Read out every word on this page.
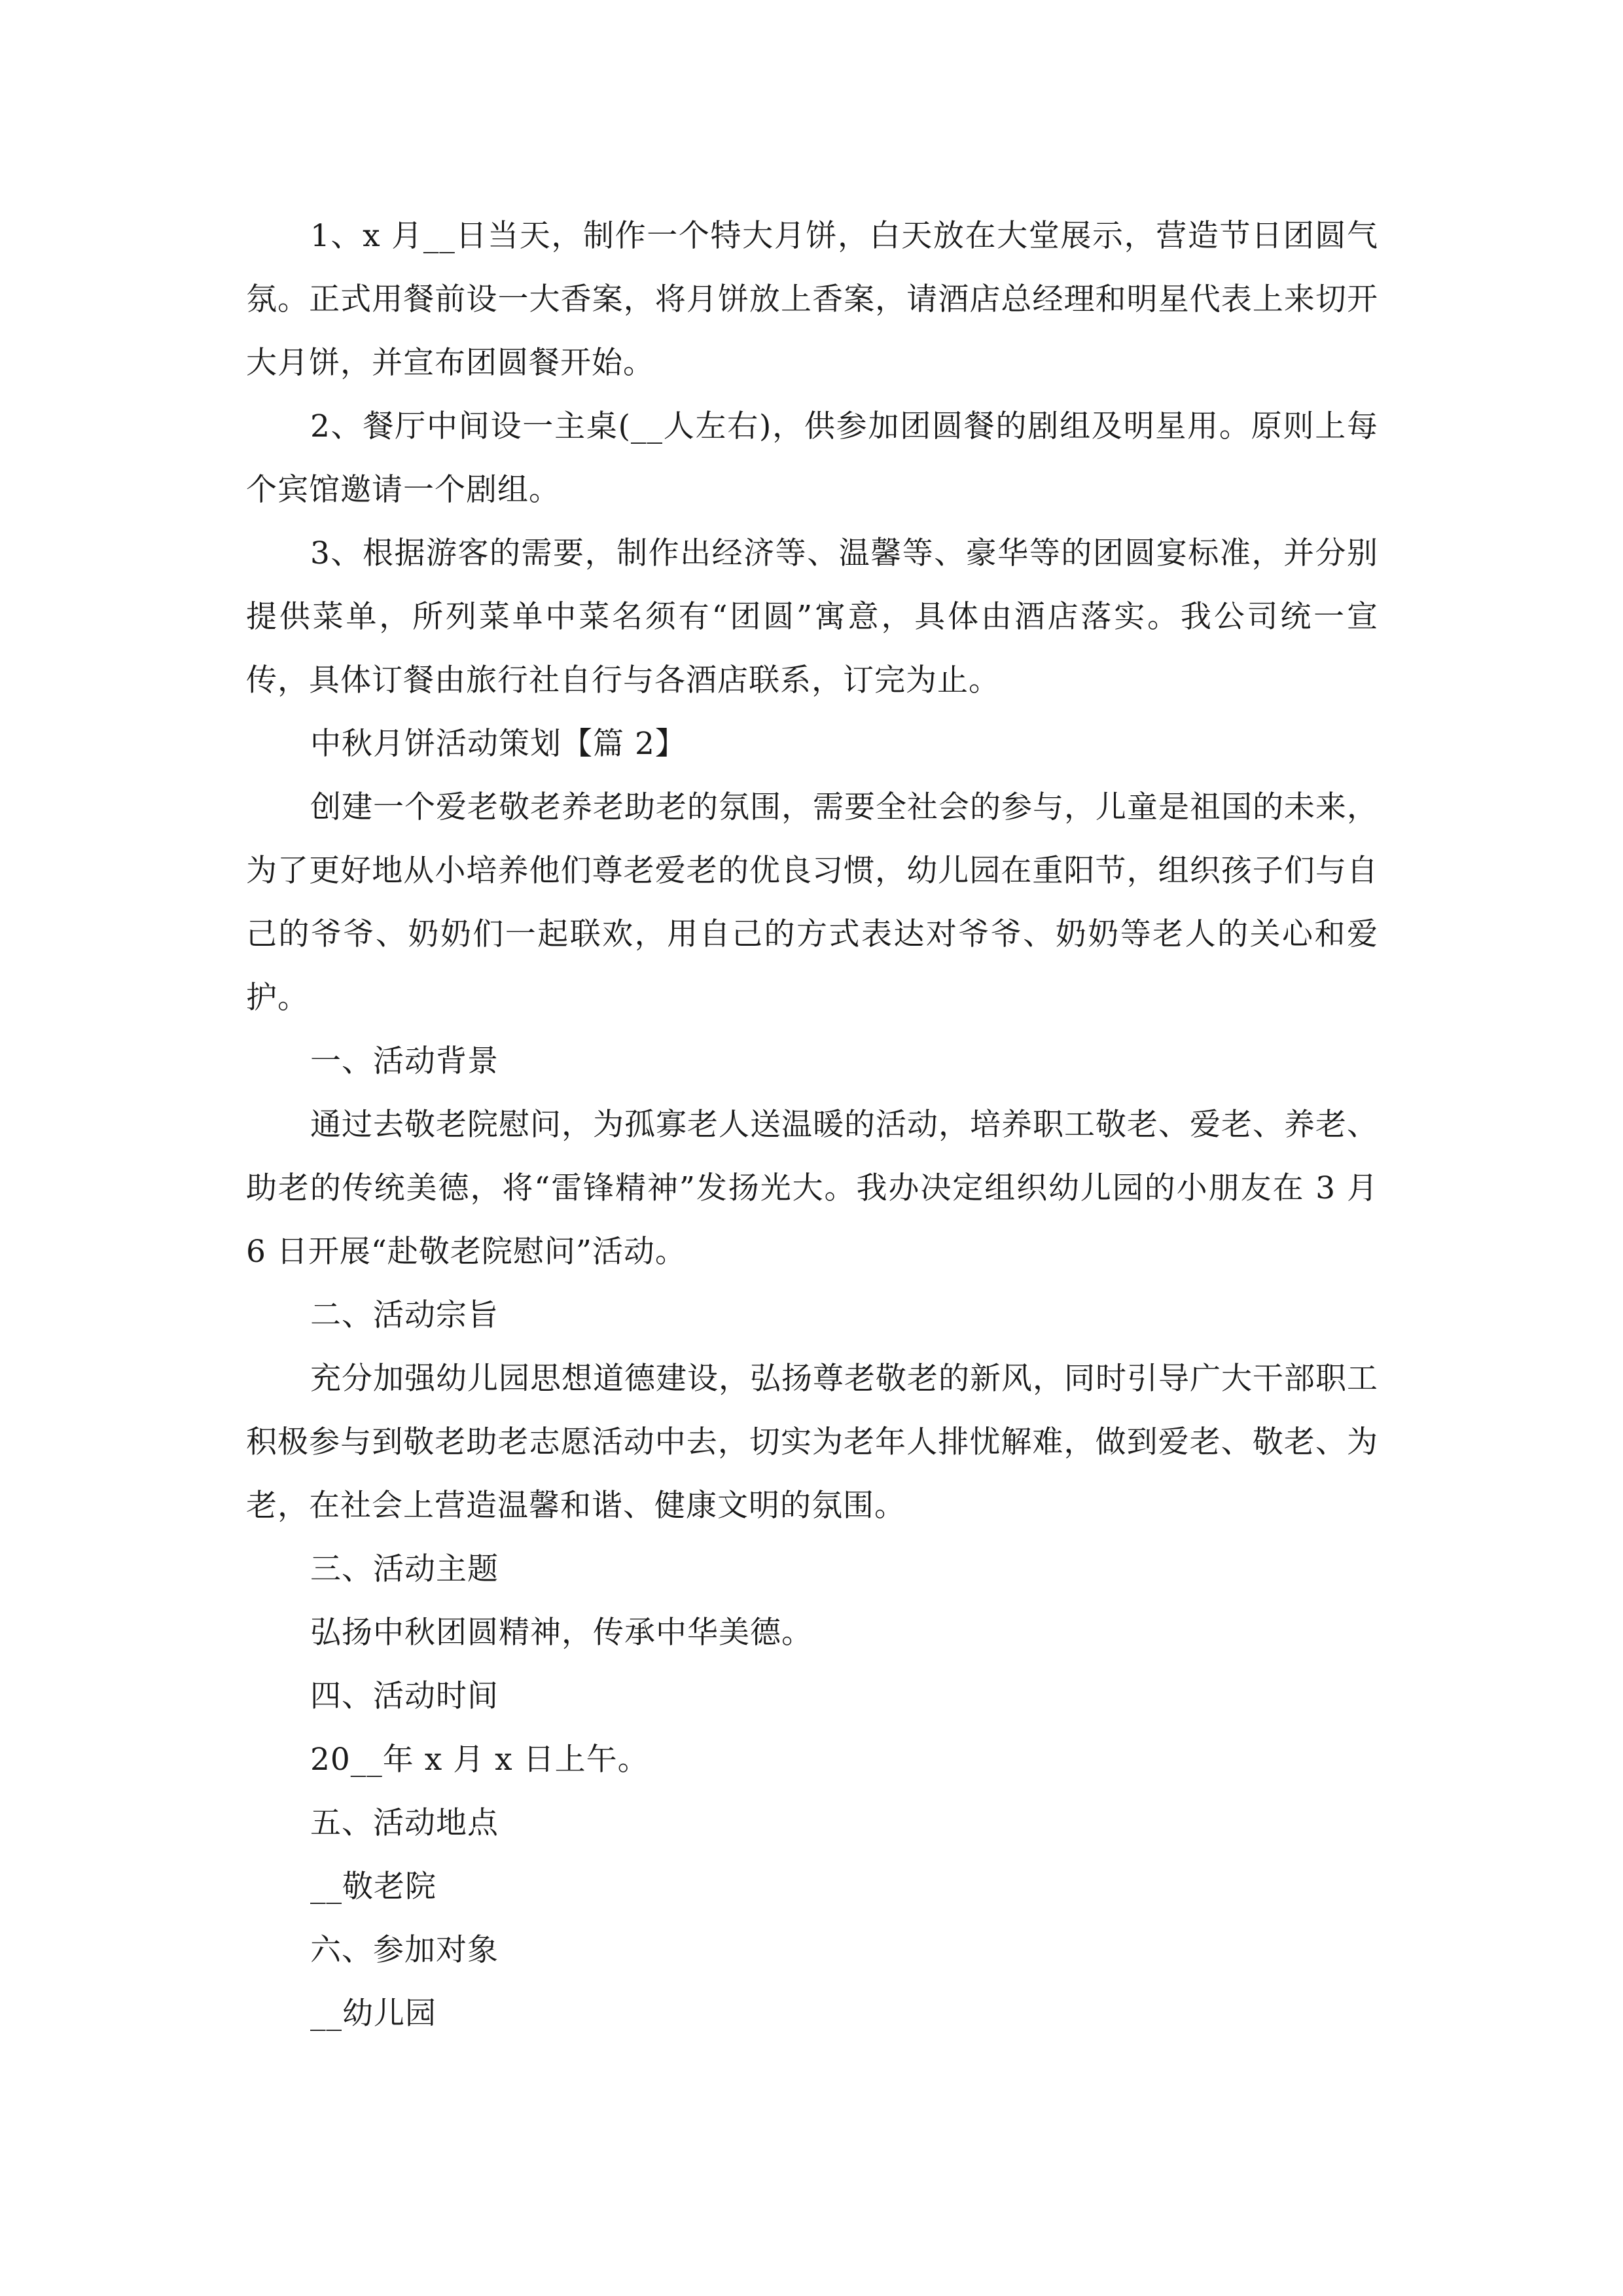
1、x 月__日当天，制作一个特大月饼，白天放在大堂展示，营造节日团圆气氛。正式用餐前设一大香案，将月饼放上香案，请酒店总经理和明星代表上来切开大月饼，并宣布团圆餐开始。

2、餐厅中间设一主桌(__人左右)，供参加团圆餐的剧组及明星用。原则上每个宾馆邀请一个剧组。

3、根据游客的需要，制作出经济等、温馨等、豪华等的团圆宴标准，并分别提供菜单，所列菜单中菜名须有“团圆”寓意，具体由酒店落实。我公司统一宣传，具体订餐由旅行社自行与各酒店联系，订完为止。

中秋月饼活动策划【篇 2】

创建一个爱老敬老养老助老的氛围，需要全社会的参与，儿童是祖国的未来，为了更好地从小培养他们尊老爱老的优良习惯，幼儿园在重阳节，组织孩子们与自己的爷爷、奶奶们一起联欢，用自己的方式表达对爷爷、奶奶等老人的关心和爱护。

一、活动背景

通过去敬老院慰问，为孤寡老人送温暖的活动，培养职工敬老、爱老、养老、助老的传统美德，将“雷锋精神”发扬光大。我办决定组织幼儿园的小朋友在 3 月 6 日开展“赴敬老院慰问”活动。

二、活动宗旨

充分加强幼儿园思想道德建设，弘扬尊老敬老的新风，同时引导广大干部职工积极参与到敬老助老志愿活动中去，切实为老年人排忧解难，做到爱老、敬老、为老，在社会上营造温馨和谐、健康文明的氛围。

三、活动主题

弘扬中秋团圆精神，传承中华美德。

四、活动时间

20__年 x 月 x 日上午。

五、活动地点

__敬老院

六、参加对象

__幼儿园
